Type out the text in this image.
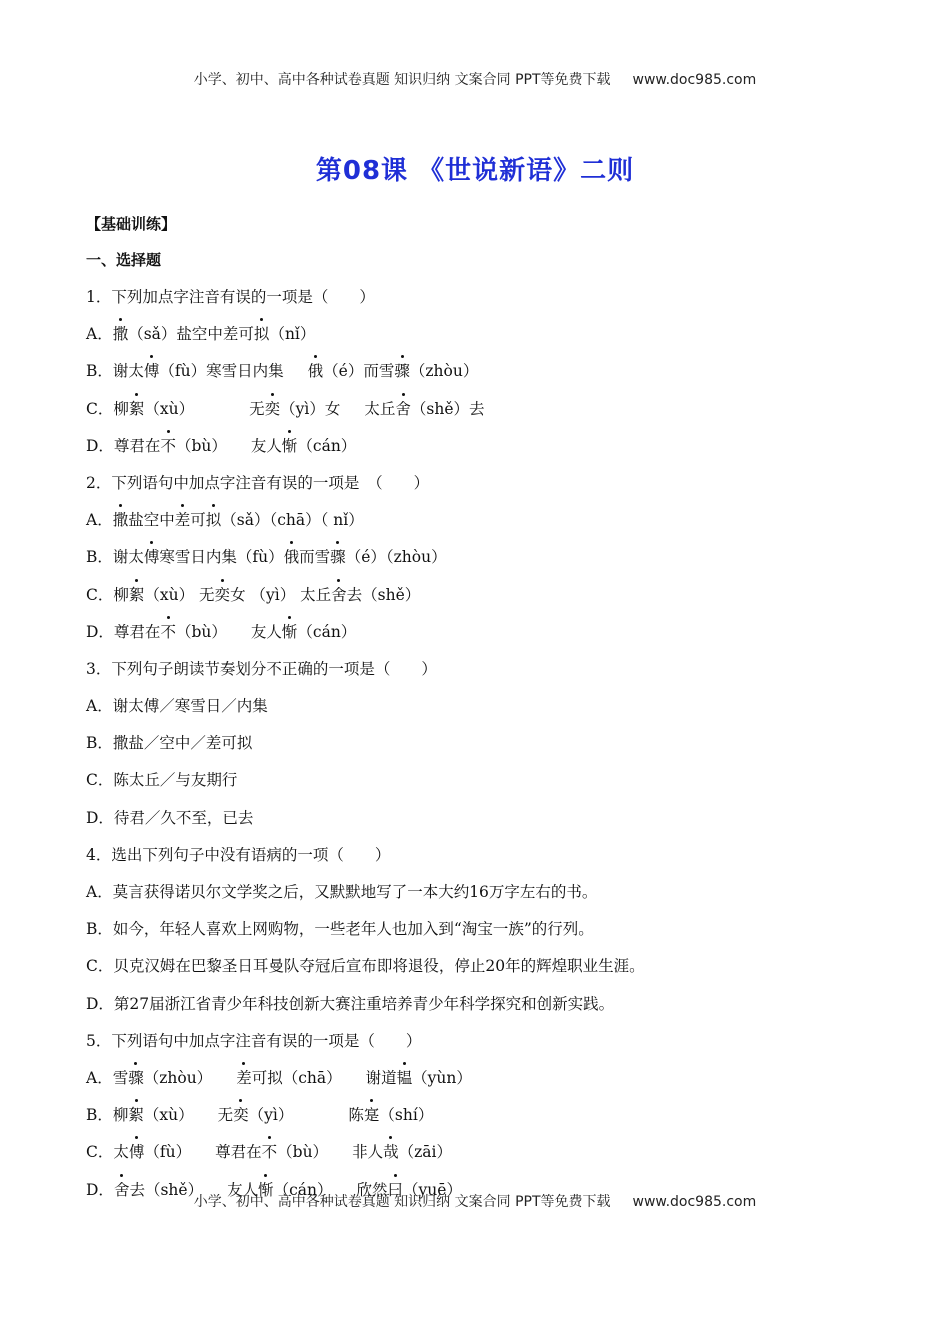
小学、初中、高中各种试卷真题 知识归纳 文案合同 PPT等免费下载 www.doc985.com
第08课 《世说新语》二则
【基础训练】
一、选择题
1．下列加点字注音有误的一项是（　　）
A．撒（sǎ）盐空中差可拟（nǐ）
B．谢太傅（fù）寒雪日内集 俄（é）而雪骤（zhòu）
C．柳絮（xù）　　无奕（yì）女 太丘舍（shě）去
D．尊君在不（bù） 友人惭（cán）
2．下列语句中加点字注音有误的一项是　（　　）
A．撒盐空中差可拟（sǎ）（chā）（ nǐ）
B．谢太傅寒雪日内集（fù）俄而雪骤（é）（zhòu）
C．柳絮（xù） 无奕女 （yì） 太丘舍去（shě）
D．尊君在不（bù） 友人惭（cán）
3．下列句子朗读节奏划分不正确的一项是（　　）
A．谢太傅／寒雪日／内集
B．撒盐／空中／差可拟
C．陈太丘／与友期行
D．待君／久不至，已去
4．选出下列句子中没有语病的一项（　　）
A．莫言获得诺贝尔文学奖之后，又默默地写了一本大约16万字左右的书。
B．如今，年轻人喜欢上网购物，一些老年人也加入到“淘宝一族”的行列。
C．贝克汉姆在巴黎圣日耳曼队夺冠后宣布即将退役，停止20年的辉煌职业生涯。
D．第27届浙江省青少年科技创新大赛注重培养青少年科学探究和创新实践。
5．下列语句中加点字注音有误的一项是（　　）
A．雪骤（zhòu） 差可拟（chā） 谢道韫（yùn）
B．柳絮（xù） 无奕（yì）　　陈寔（shí）
C．太傅（fù） 尊君在不（bù） 非人哉（zāi）
D．舍去（shě） 友人惭（cán） 欣然曰（yuē）
小学、初中、高中各种试卷真题 知识归纳 文案合同 PPT等免费下载 www.doc985.com
